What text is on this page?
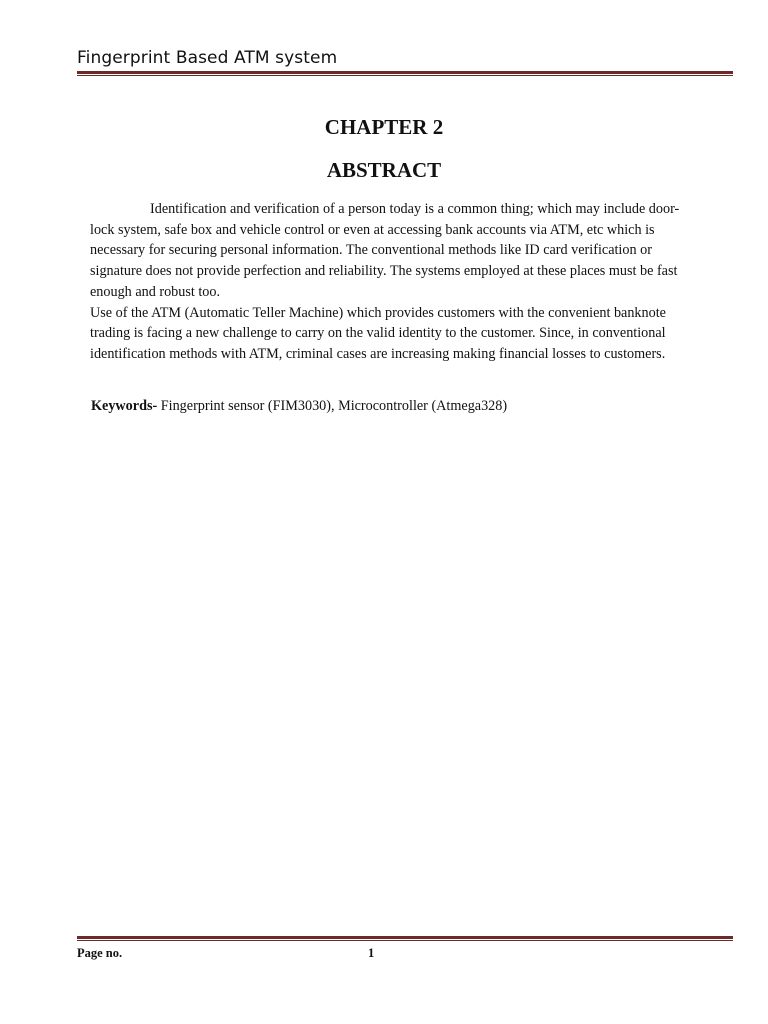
Fingerprint Based ATM system
CHAPTER 2
ABSTRACT

Identification and verification of a person today is a common thing; which may include door- lock system, safe box and vehicle control or even at accessing bank accounts via ATM, etc which is necessary for securing personal information. The conventional methods like ID card verification or signature does not provide perfection and reliability. The systems employed at these places must be fast enough and robust too.

Use of the ATM (Automatic Teller Machine) which provides customers with the convenient banknote trading is facing a new challenge to carry on the valid identity to the customer. Since, in conventional identification methods with ATM, criminal cases are increasing making financial losses to customers.

Keywords- Fingerprint sensor (FIM3030), Microcontroller (Atmega328)
Page no.	1
